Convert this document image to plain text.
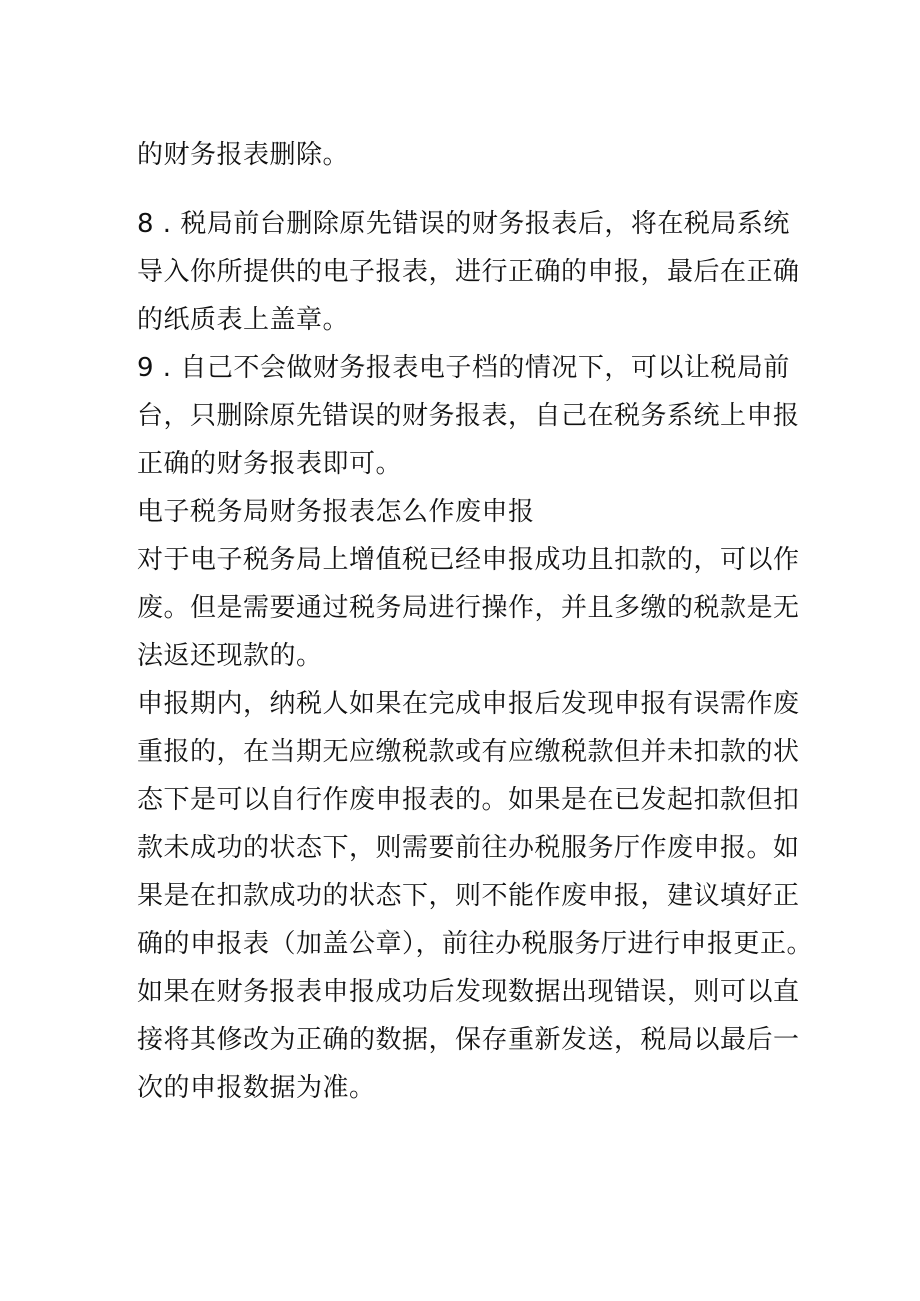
的财务报表删除。
8 . 税局前台删除原先错误的财务报表后，将在税局系统
导入你所提供的电子报表，进行正确的申报，最后在正确
的纸质表上盖章。
9 . 自己不会做财务报表电子档的情况下，可以让税局前
台，只删除原先错误的财务报表，自己在税务系统上申报
正确的财务报表即可。
电子税务局财务报表怎么作废申报
对于电子税务局上增值税已经申报成功且扣款的，可以作
废。但是需要通过税务局进行操作，并且多缴的税款是无
法返还现款的。
申报期内，纳税人如果在完成申报后发现申报有误需作废
重报的，在当期无应缴税款或有应缴税款但并未扣款的状
态下是可以自行作废申报表的。如果是在已发起扣款但扣
款未成功的状态下，则需要前往办税服务厅作废申报。如
果是在扣款成功的状态下，则不能作废申报，建议填好正
确的申报表（加盖公章），前往办税服务厅进行申报更正。
如果在财务报表申报成功后发现数据出现错误，则可以直
接将其修改为正确的数据，保存重新发送，税局以最后一
次的申报数据为准。
